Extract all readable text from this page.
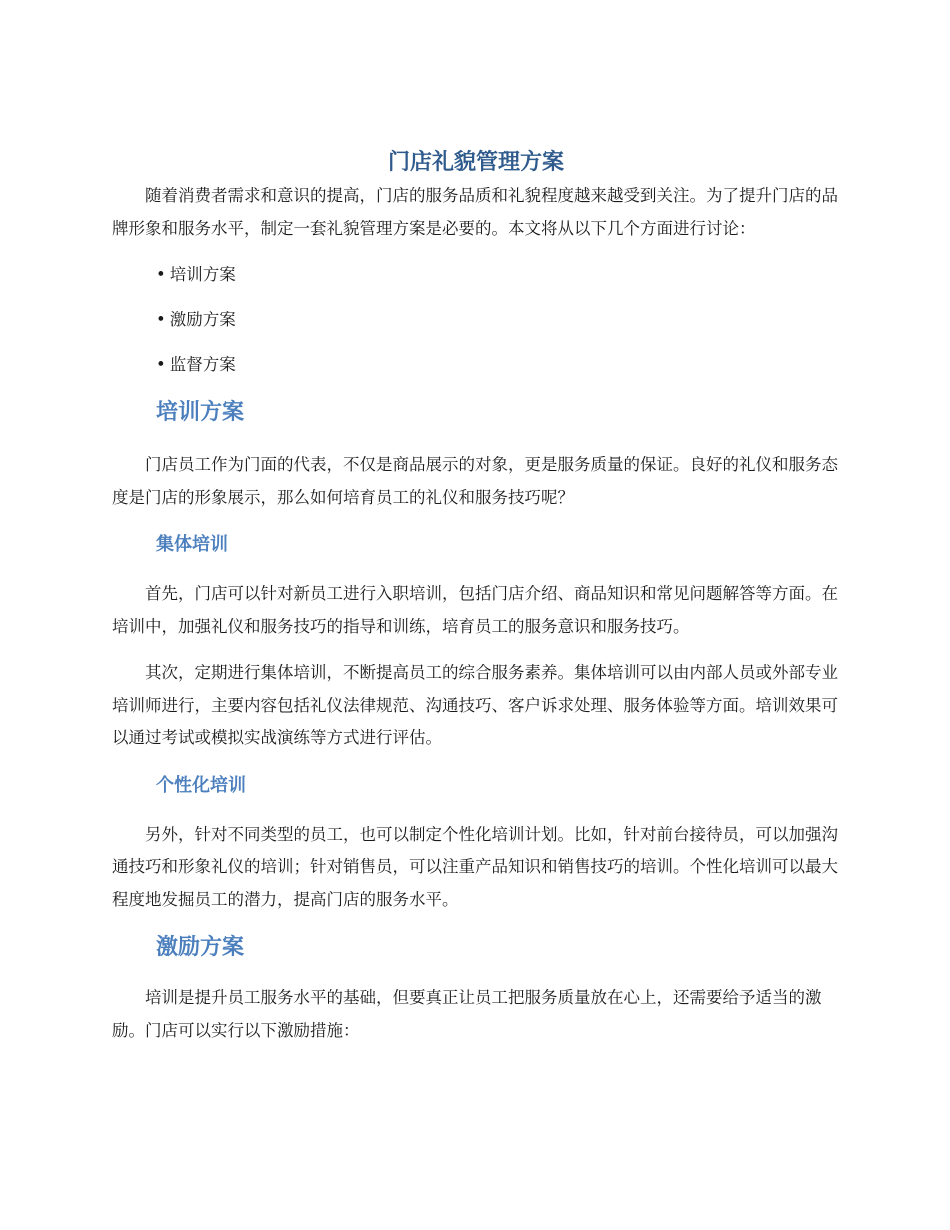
门店礼貌管理方案

随着消费者需求和意识的提高，门店的服务品质和礼貌程度越来越受到关注。为了提升门店的品牌形象和服务水平，制定一套礼貌管理方案是必要的。本文将从以下几个方面进行讨论：

• 培训方案
• 激励方案
• 监督方案
培训方案

门店员工作为门面的代表，不仅是商品展示的对象，更是服务质量的保证。良好的礼仪和服务态度是门店的形象展示，那么如何培育员工的礼仪和服务技巧呢？

集体培训

首先，门店可以针对新员工进行入职培训，包括门店介绍、商品知识和常见问题解答等方面。在培训中，加强礼仪和服务技巧的指导和训练，培育员工的服务意识和服务技巧。

其次，定期进行集体培训，不断提高员工的综合服务素养。集体培训可以由内部人员或外部专业培训师进行，主要内容包括礼仪法律规范、沟通技巧、客户诉求处理、服务体验等方面。培训效果可以通过考试或模拟实战演练等方式进行评估。

个性化培训

另外，针对不同类型的员工，也可以制定个性化培训计划。比如，针对前台接待员，可以加强沟通技巧和形象礼仪的培训；针对销售员，可以注重产品知识和销售技巧的培训。个性化培训可以最大程度地发掘员工的潜力，提高门店的服务水平。

激励方案

培训是提升员工服务水平的基础，但要真正让员工把服务质量放在心上，还需要给予适当的激励。门店可以实行以下激励措施：
